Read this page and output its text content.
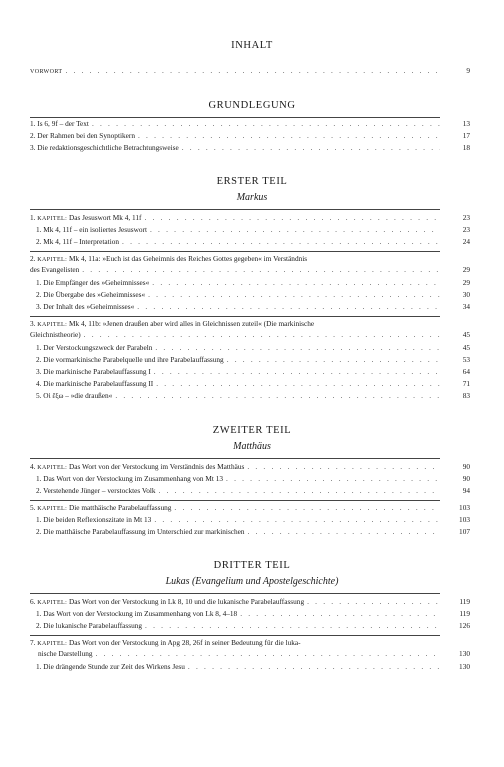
INHALT
VORWORT . . .	9
GRUNDLEGUNG
1. Is 6, 9f – der Text . . .	13
2. Der Rahmen bei den Synoptikern . . .	17
3. Die redaktionsgeschichtliche Betrachtungsweise . . .	18
ERSTER TEIL
Markus
1. KAPITEL: Das Jesuswort Mk 4, 11f . . .	23
1. Mk 4, 11f – ein isoliertes Jesuswort . . .	23
2. Mk 4, 11f – Interpretation . . .	24
2. KAPITEL: Mk 4, 11a: »Euch ist das Geheimnis des Reiches Gottes gegeben« im Verständnis
des Evangelisten . . .	29
1. Die Empfänger des »Geheimnisses« . . .	29
2. Die Übergabe des »Geheimnisses« . . .	30
3. Der Inhalt des »Geheimnisses« . . .	34
3. KAPITEL: Mk 4, 11b: »Jenen draußen aber wird alles in Gleichnissen zuteil« (Die markinische
Gleichnistheorie) . . .	45
1. Der Verstockungszweck der Parabeln . . .	45
2. Die vormarkinische Parabelquelle und ihre Parabelauffassung . . .	53
3. Die markinische Parabelauffassung I . . .	64
4. Die markinische Parabelauffassung II . . .	71
5. Οἱ ἔξω – »die draußen« . . .	83
ZWEITER TEIL
Matthäus
4. KAPITEL: Das Wort von der Verstockung im Verständnis des Matthäus . . .	90
1. Das Wort von der Verstockung im Zusammenhang von Mt 13 . . .	90
2. Verstehende Jünger – verstocktes Volk . . .	94
5. KAPITEL: Die matthäische Parabelauffassung . . .	103
1. Die beiden Reflexionszitate in Mt 13 . . .	103
2. Die matthäische Parabelauffassung im Unterschied zur markinischen . . .	107
DRITTER TEIL
Lukas (Evangelium und Apostelgeschichte)
6. KAPITEL: Das Wort von der Verstockung in Lk 8, 10 und die lukanische Parabelauffassung . . .	119
1. Das Wort von der Verstockung im Zusammenhang von Lk 8, 4–18 . . .	119
2. Die lukanische Parabelauffassung . . .	126
7. KAPITEL: Das Wort von der Verstockung in Apg 28, 26f in seiner Bedeutung für die luka-
nische Darstellung . . .	130
1. Die drängende Stunde zur Zeit des Wirkens Jesu . . .	130
